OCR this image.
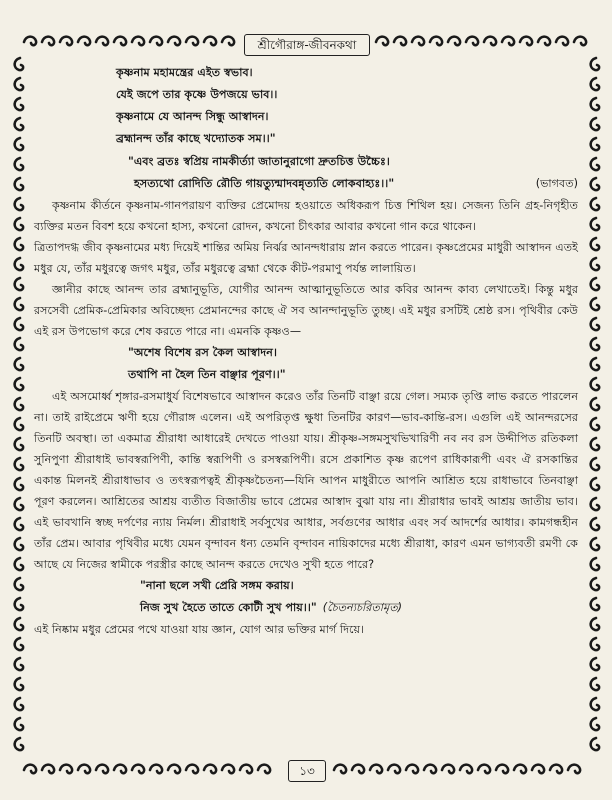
শ্রীগৌরাঙ্গ-জীবনকথা
কৃষ্ণনাম মহামন্ত্রের এইত স্বভাব।
যেই জপে তার কৃষ্ণে উপজয়ে ভাব।।
কৃষ্ণনামে যে আনন্দ সিন্ধু আস্বাদন।
ব্রহ্মানন্দ তাঁর কাছে খদ্যোতক সম।।"
"এবং ব্রতঃ স্বপ্রিয় নামকীর্ত্যা জাতানুরাগো দ্রুতচিত্ত উচ্চৈঃ।
হসত্যথো রোদিতি রৌতি গায়ত্যুন্মাদবন্নৃত্যতি লোকবাহ্যঃ।।"	(ভাগবত)

কৃষ্ণনাম কীর্তনে কৃষ্ণনাম-গানপরায়ণ ব্যক্তির প্রেমোদয় হওয়াতে অধিকরূপ চিত্ত শিথিল হয়। সেজন্য তিনি গ্রহ-নিগৃহীত ব্যক্তির মতন বিবশ হয়ে কখনো হাস্য, কখনো রোদন, কখনো চীৎকার আবার কখনো গান করে থাকেন।

ত্রিতাপদগ্ধ জীব কৃষ্ণনামের মধ্য দিয়েই শান্তির অমিয় নির্ঝর আনন্দধারায় স্নান করতে পারেন। কৃষ্ণপ্রেমের মাধুরী আস্বাদন এতই মধুর যে, তাঁর মধুরত্বে জগৎ মধুর, তাঁর মধুরত্বে ব্রহ্মা থেকে কীট-পরমাণু পর্যন্ত লালায়িত।

জ্ঞানীর কাছে আনন্দ তার ব্রহ্মানুভূতি, যোগীর আনন্দ আত্মানুভূতিতে আর কবির আনন্দ কাব্য লেখাতেই। কিন্তু মধুর রসসেবী প্রেমিক-প্রেমিকার অবিচ্ছেদ্য প্রেমানন্দের কাছে ঐ সব আনন্দানুভূতি তুচ্ছ। এই মধুর রসটিই শ্রেষ্ঠ রস। পৃথিবীর কেউ এই রস উপভোগ করে শেষ করতে পারে না। এমনকি কৃষ্ণও—

"অশেষ বিশেষ রস কৈল আস্বাদন।
তথাপি না হৈল তিন বাঞ্ছার পূরণ।।"

এই অসমোর্ধ্ব শৃঙ্গার-রসমাধুর্য বিশেষভাবে আস্বাদন করেও তাঁর তিনটি বাঞ্ছা রয়ে গেল। সম্যক তৃপ্তি লাভ করতে পারলেন না। তাই রাইপ্রেমে ঋণী হয়ে গৌরাঙ্গ এলেন। এই অপরিতৃপ্ত ক্ষুধা তিনটির কারণ—ভাব-কান্তি-রস। এগুলি এই আনন্দরসের তিনটি অবস্থা। তা একমাত্র শ্রীরাধা আধারেই দেখতে পাওয়া যায়। শ্রীকৃষ্ণ-সঙ্গমসুখভিখারিণী নব নব রস উদ্দীপিত রতিকলা সুনিপুণা শ্রীরাধাই ভাবস্বরূপিণী, কান্তি স্বরূপিণী ও রসস্বরূপিণী। রসে প্রকাশিত কৃষ্ণ রূপেণ রাধিকারূপী এবং ঐ রসকান্তির একান্ত মিলনই শ্রীরাধাভাব ও তৎস্বরূপত্বই শ্রীকৃষ্ণচৈতন্য—যিনি আপন মাধুরীতে আপনি আশ্রিত হয়ে রাধাভাবে তিনবাঞ্ছা পূরণ করলেন। আশ্রিতের আশ্রয় ব্যতীত বিজাতীয় ভাবে প্রেমের আস্বাদ বুঝা যায় না। শ্রীরাধার ভাবই আশ্রয় জাতীয় ভাব। এই ভাবখানি স্বচ্ছ দর্পণের ন্যায় নির্মল। শ্রীরাধাই সর্বসুখের আধার, সর্বগুণের আধার এবং সর্ব আদর্শের আধার। কামগন্ধহীন তাঁর প্রেম। আবার পৃথিবীর মধ্যে যেমন বৃন্দাবন ধন্য তেমনি বৃন্দাবন নায়িকাদের মধ্যে শ্রীরাধা, কারণ এমন ভাগ্যবতী রমণী কে আছে যে নিজের স্বামীকে পরস্ত্রীর কাছে আনন্দ করতে দেখেও সুখী হতে পারে?

"নানা ছলে সখী প্রেরি সঙ্গম করায়।
নিজ সুখ হৈতে তাতে কোটী সুখ পায়।।" (চৈতন্যচরিতামৃত)

এই নিষ্কাম মধুর প্রেমের পথে যাওয়া যায় জ্ঞান, যোগ আর ভক্তির মার্গ দিয়ে।

১৩
